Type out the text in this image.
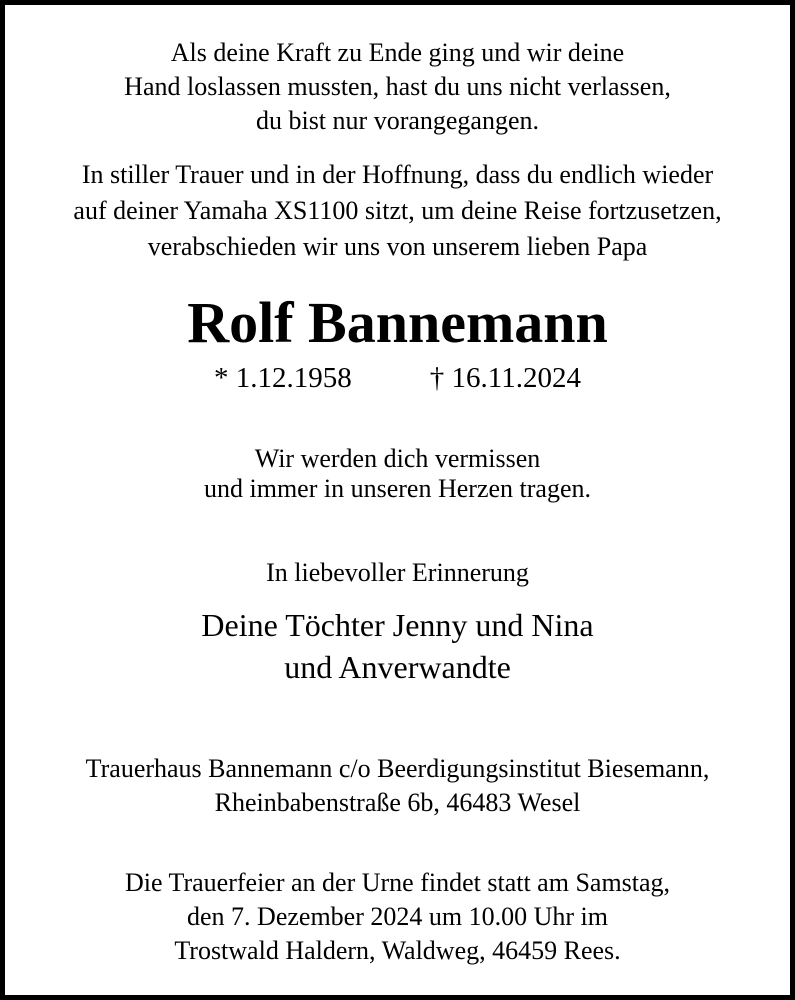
Als deine Kraft zu Ende ging und wir deine
Hand loslassen mussten, hast du uns nicht verlassen,
du bist nur vorangegangen.
In stiller Trauer und in der Hoffnung, dass du endlich wieder
auf deiner Yamaha XS1100 sitzt, um deine Reise fortzusetzen,
verabschieden wir uns von unserem lieben Papa
Rolf Bannemann
* 1.12.1958	† 16.11.2024
Wir werden dich vermissen
und immer in unseren Herzen tragen.
In liebevoller Erinnerung
Deine Töchter Jenny und Nina
und Anverwandte
Trauerhaus Bannemann c/o Beerdigungsinstitut Biesemann,
Rheinbabenstraße 6b, 46483 Wesel
Die Trauerfeier an der Urne findet statt am Samstag,
den 7. Dezember 2024 um 10.00 Uhr im
Trostwald Haldern, Waldweg, 46459 Rees.
